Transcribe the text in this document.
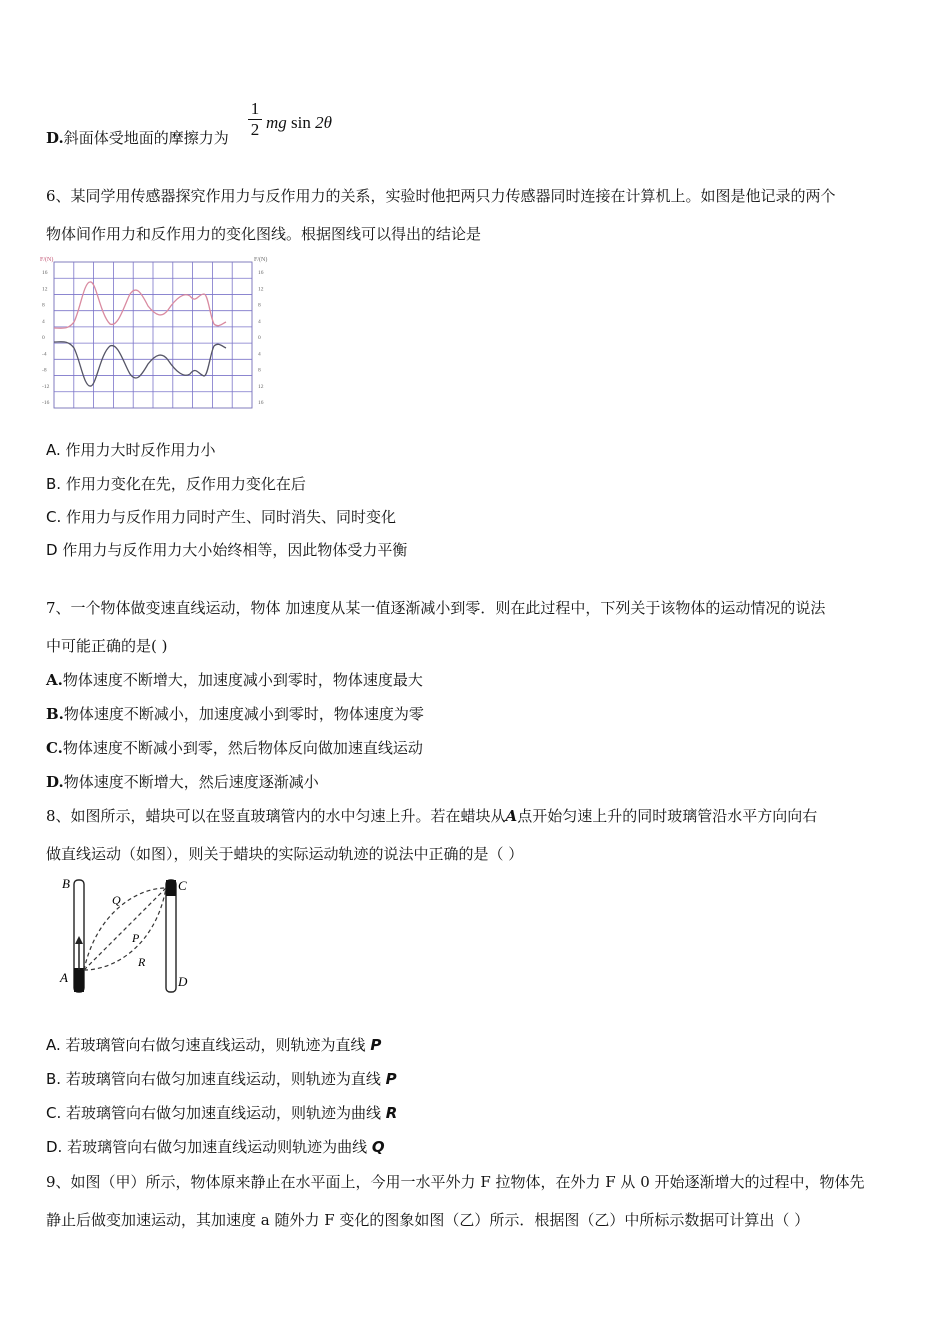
D.斜面体受地面的摩擦力为
1
2 mg sin 2θ
6、某同学用传感器探究作用力与反作用力的关系，实验时他把两只力传感器同时连接在计算机上。如图是他记录的两个
物体间作用力和反作用力的变化图线。根据图线可以得出的结论是
F/(N)	F/(N)
16
12
8
4
0
-4
-8
-12
-16
16
12
8
4
0
4
8
12
16
A. 作用力大时反作用力小
B. 作用力变化在先，反作用力变化在后
C. 作用力与反作用力同时产生、同时消失、同时变化
D 作用力与反作用力大小始终相等，因此物体受力平衡
7、一个物体做变速直线运动，物体 加速度从某一值逐渐减小到零．则在此过程中，下列关于该物体的运动情况的说法
中可能正确的是( )
A.物体速度不断增大，加速度减小到零时，物体速度最大
B.物体速度不断减小，加速度减小到零时，物体速度为零
C.物体速度不断减小到零，然后物体反向做加速直线运动
D.物体速度不断增大，然后速度逐渐减小
8、如图所示，蜡块可以在竖直玻璃管内的水中匀速上升。若在蜡块从A点开始匀速上升的同时玻璃管沿水平方向向右
做直线运动（如图），则关于蜡块的实际运动轨迹的说法中正确的是（ ）
B	C
Q
P
R
A	D
A. 若玻璃管向右做匀速直线运动，则轨迹为直线 P
B. 若玻璃管向右做匀加速直线运动，则轨迹为直线 P
C. 若玻璃管向右做匀加速直线运动，则轨迹为曲线 R
D. 若玻璃管向右做匀加速直线运动则轨迹为曲线 Q
9、如图（甲）所示，物体原来静止在水平面上，今用一水平外力 F 拉物体，在外力 F 从 0 开始逐渐增大的过程中，物体先
静止后做变加速运动，其加速度 a 随外力 F 变化的图象如图（乙）所示．根据图（乙）中所标示数据可计算出（ ）
